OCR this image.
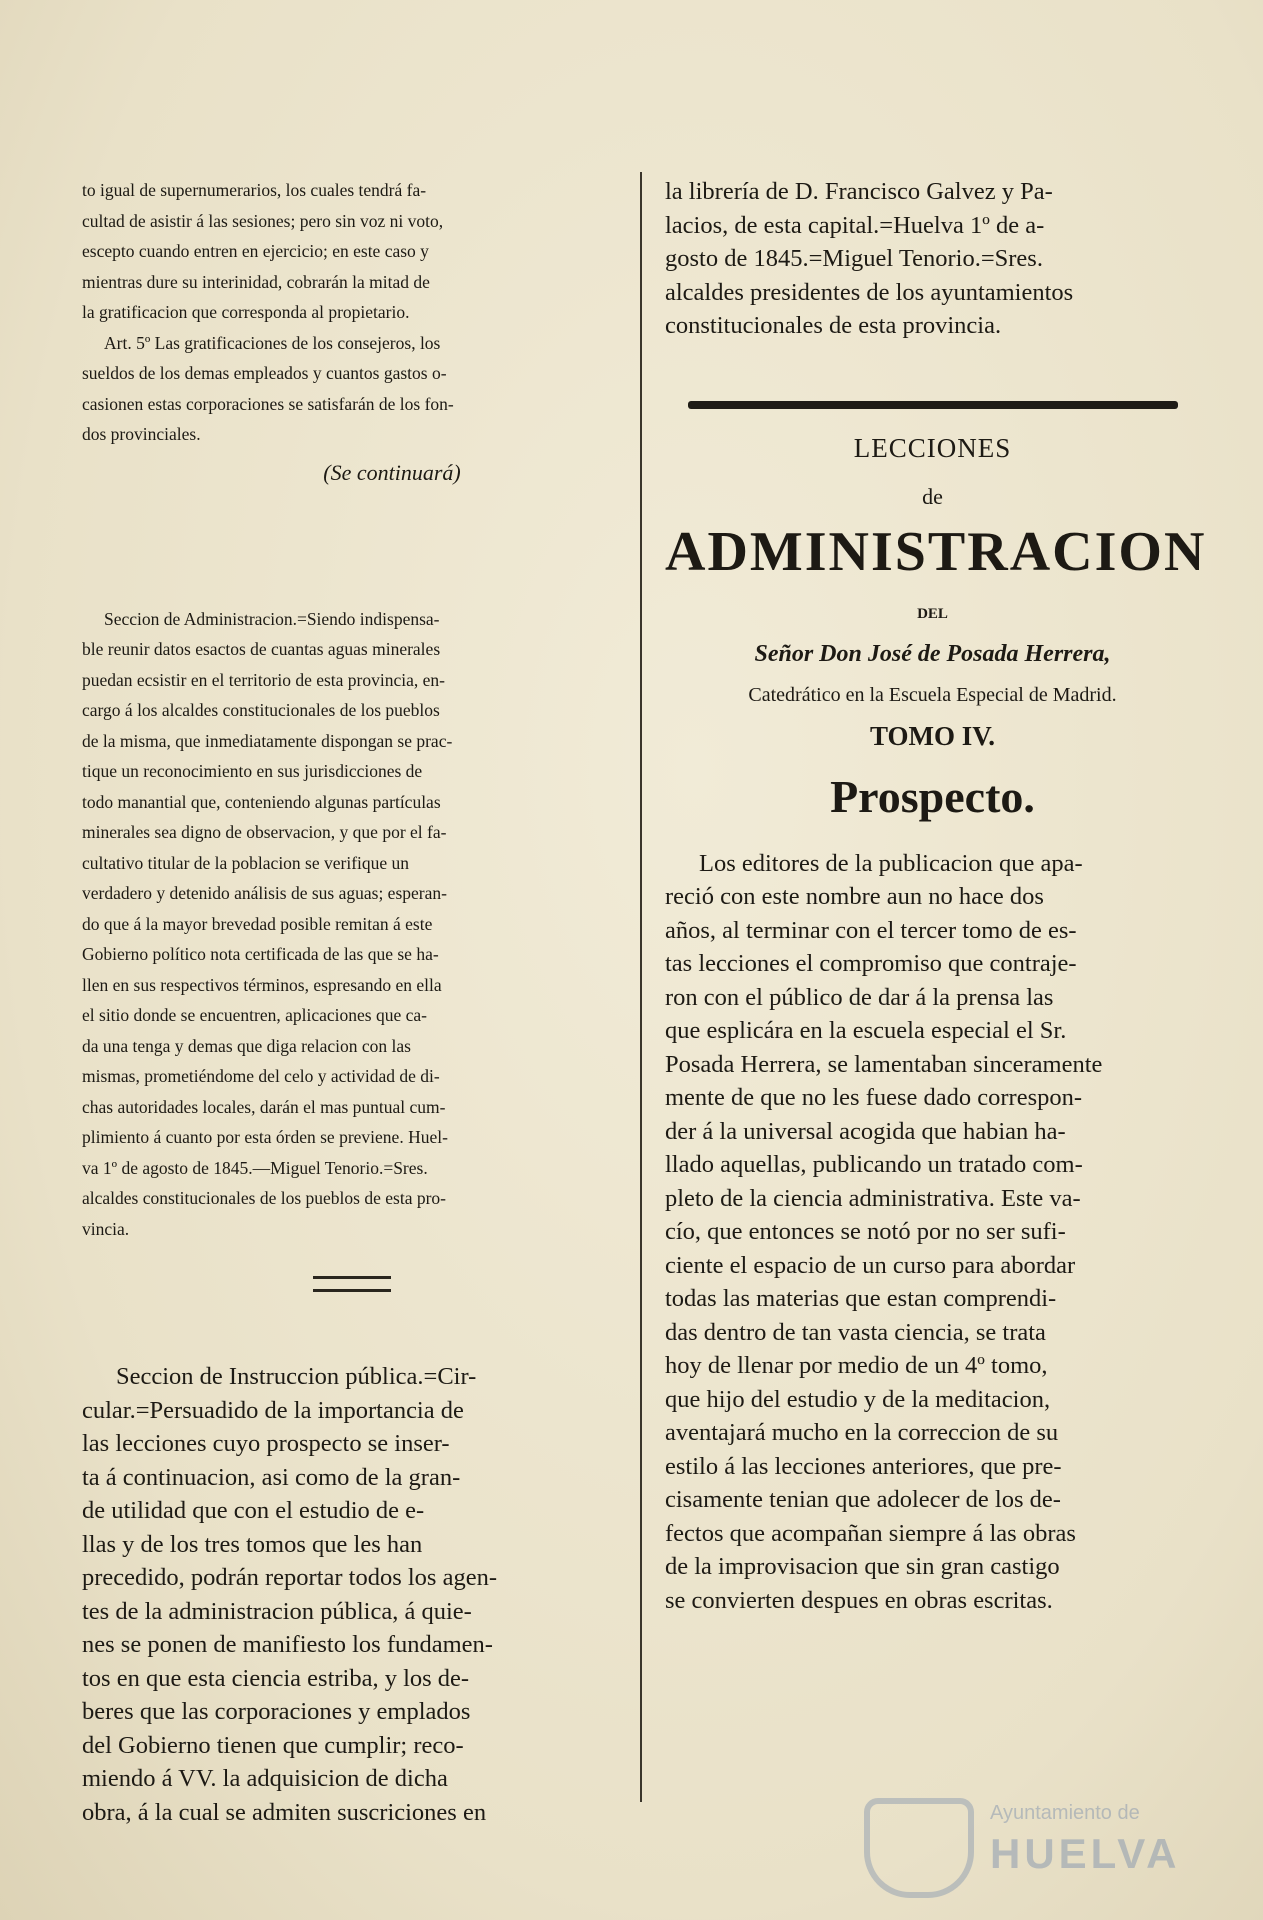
to igual de supernumerarios, los cuales tendrá fa-

cultad de asistir á las sesiones; pero sin voz ni voto,

escepto cuando entren en ejercicio; en este caso y

mientras dure su interinidad, cobrarán la mitad de

la gratificacion que corresponda al propietario.

Art. 5º Las gratificaciones de los consejeros, los

sueldos de los demas empleados y cuantos gastos o-

casionen estas corporaciones se satisfarán de los fon-

dos provinciales.

(Se continuará)

Seccion de Administracion.=Siendo indispensa-

ble reunir datos esactos de cuantas aguas minerales

puedan ecsistir en el territorio de esta provincia, en-

cargo á los alcaldes constitucionales de los pueblos

de la misma, que inmediatamente dispongan se prac-

tique un reconocimiento en sus jurisdicciones de

todo manantial que, conteniendo algunas partículas

minerales sea digno de observacion, y que por el fa-

cultativo titular de la poblacion se verifique un

verdadero y detenido análisis de sus aguas; esperan-

do que á la mayor brevedad posible remitan á este

Gobierno político nota certificada de las que se ha-

llen en sus respectivos términos, espresando en ella

el sitio donde se encuentren, aplicaciones que ca-

da una tenga y demas que diga relacion con las

mismas, prometiéndome del celo y actividad de di-

chas autoridades locales, darán el mas puntual cum-

plimiento á cuanto por esta órden se previene. Huel-

va 1º de agosto de 1845.—Miguel Tenorio.=Sres.

alcaldes constitucionales de los pueblos de esta pro-

vincia.

Seccion de Instruccion pública.=Cir-

cular.=Persuadido de la importancia de

las lecciones cuyo prospecto se inser-

ta á continuacion, asi como de la gran-

de utilidad que con el estudio de e-

llas y de los tres tomos que les han

precedido, podrán reportar todos los agen-

tes de la administracion pública, á quie-

nes se ponen de manifiesto los fundamen-

tos en que esta ciencia estriba, y los de-

beres que las corporaciones y emplados

del Gobierno tienen que cumplir; reco-

miendo á VV. la adquisicion de dicha

obra, á la cual se admiten suscriciones en

la librería de D. Francisco Galvez y Pa-

lacios, de esta capital.=Huelva 1º de a-

gosto de 1845.=Miguel Tenorio.=Sres.

alcaldes presidentes de los ayuntamientos

constitucionales de esta provincia.

LECCIONES
de
ADMINISTRACION
DEL
Señor Don José de Posada Herrera,
Catedrático en la Escuela Especial de Madrid.
TOMO IV.
Prospecto.

Los editores de la publicacion que apa-

reció con este nombre aun no hace dos

años, al terminar con el tercer tomo de es-

tas lecciones el compromiso que contraje-

ron con el público de dar á la prensa las

que esplicára en la escuela especial el Sr.

Posada Herrera, se lamentaban sinceramente

mente de que no les fuese dado correspon-

der á la universal acogida que habian ha-

llado aquellas, publicando un tratado com-

pleto de la ciencia administrativa. Este va-

cío, que entonces se notó por no ser sufi-

ciente el espacio de un curso para abordar

todas las materias que estan comprendi-

das dentro de tan vasta ciencia, se trata

hoy de llenar por medio de un 4º tomo,

que hijo del estudio y de la meditacion,

aventajará mucho en la correccion de su

estilo á las lecciones anteriores, que pre-

cisamente tenian que adolecer de los de-

fectos que acompañan siempre á las obras

de la improvisacion que sin gran castigo

se convierten despues en obras escritas.

Ayuntamiento de
HUELVA
